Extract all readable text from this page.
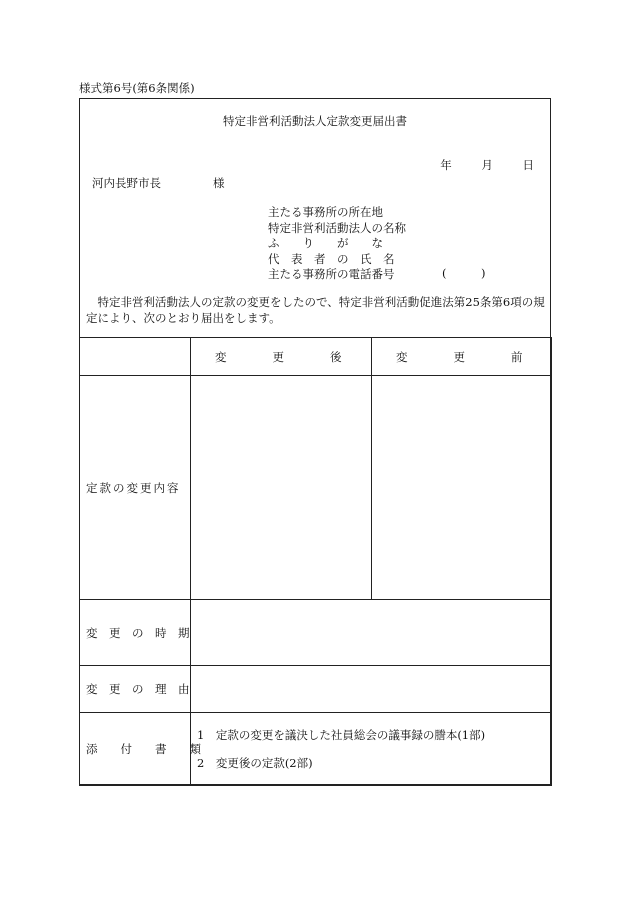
様式第6号(第6条関係)
特定非営利活動法人定款変更届出書
年	月	日
河内長野市長	様
主たる事務所の所在地
特定非営利活動法人の名称
ふ　　り　　が　　な
代　表　者　の　氏　名
主たる事務所の電話番号	(　　　)
特定非営利活動法人の定款の変更をしたので、特定非営利活動促進法第25条第6項の規定により、次のとおり届出をします。
	変　　　　更　　　　後	変　　　　更　　　　前
定款の変更内容		
変　更　の　時　期		
変　更　の　理　由		
添　　付　　書　　類	1　定款の変更を議決した社員総会の議事録の謄本(1部)
2　変更後の定款(2部)	
